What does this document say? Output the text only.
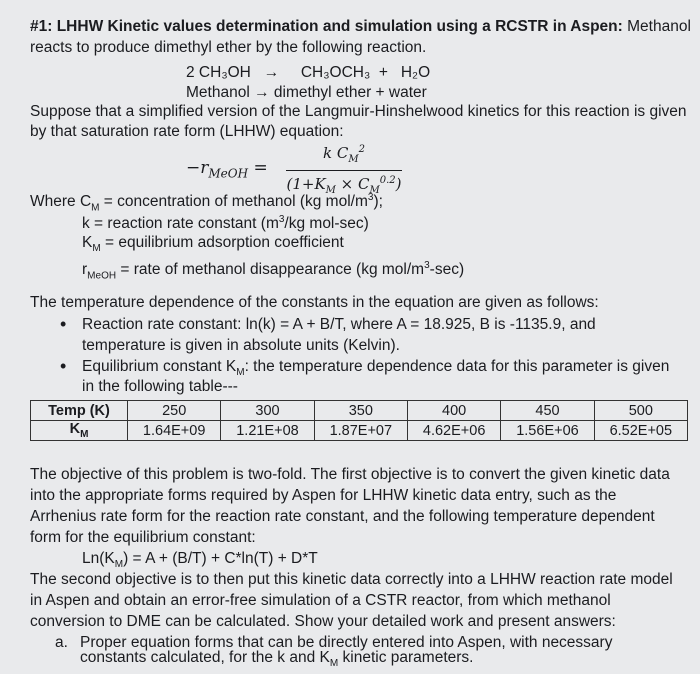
#1: LHHW Kinetic values determination and simulation using a RCSTR in Aspen: Methanol
reacts to produce dimethyl ether by the following reaction.
2 CH₃OH   →     CH₃OCH₃  +   H₂O
Methanol → dimethyl ether + water
Suppose that a simplified version of the Langmuir-Hinshelwood kinetics for this reaction is given
by that saturation rate form (LHHW) equation:
$-r_{MeOH}$ =
k $C_M^2$
$(1+K_M \times C_M^{0.2})$
Where $C_M$ = concentration of methanol (kg mol/$m^3$);
k = reaction rate constant ($m^3/kg$ mol-sec)
$K_M$ = equilibrium adsorption coefficient
$r_{MeOH}$ = rate of methanol disappearance (kg mol/$m^3-\sec$)
The temperature dependence of the constants in the equation are given as follows:
• Reaction rate constant: ln(k) = A + B/T, where A = 18.925, B is -1135.9, and
temperature is given in absolute units (Kelvin).
• Equilibrium constant $K_M$: the temperature dependence data for this parameter is given
in the following table---
Temp (K)	250	300	350	400	450	500
$K_M$	1.64E+09	1.21E+08	1.87E+07	4.62E+06	1.56E+06	6.52E+05
The objective of this problem is two-fold. The first objective is to convert the given kinetic data
into the appropriate forms required by Aspen for LHHW kinetic data entry, such as the
Arrhenius rate form for the reaction rate constant, and the following temperature dependent
form for the equilibrium constant:
$Ln(K_M) = A + (B/T) + C*\ln(T) + D*T$
The second objective is to then put this kinetic data correctly into a LHHW reaction rate model
in Aspen and obtain an error-free simulation of a CSTR reactor, from which methanol
conversion to DME can be calculated. Show your detailed work and present answers:
a. Proper equation forms that can be directly entered into Aspen, with necessary
constants calculated, for the k and $K_M$ kinetic parameters.
